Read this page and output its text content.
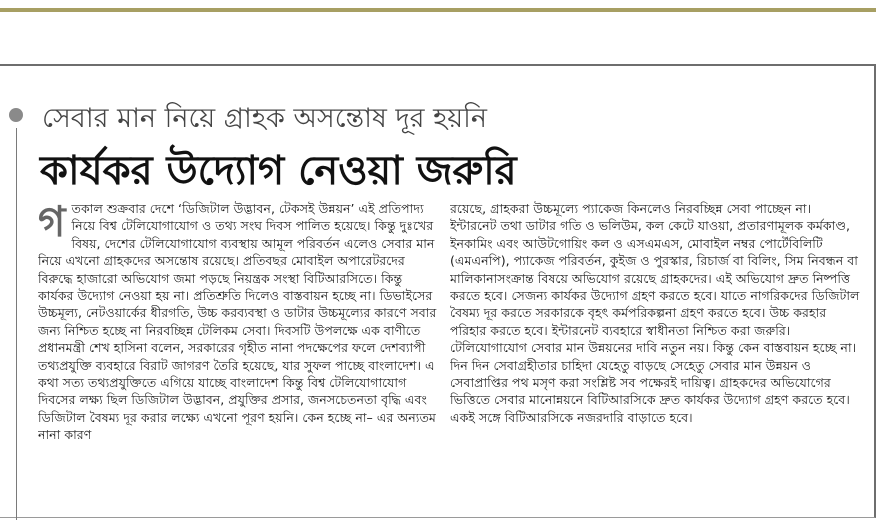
সেবার মান নিয়ে গ্রাহক অসন্তোষ দূর হয়নি
কার্যকর উদ্যোগ নেওয়া জরুরি
গ তকাল শুক্রবার দেশে ‘ডিজিটাল উদ্ভাবন, টেকসই উন্নয়ন’ এই প্রতিপাদ্য নিয়ে বিশ্ব টেলিযোগাযোগ ও তথ্য সংঘ দিবস পালিত হয়েছে। কিন্তু দুঃখের বিষয়, দেশের টেলিযোগাযোগ ব্যবস্থায় আমূল পরিবর্তন এলেও সেবার মান নিয়ে এখনো গ্রাহকদের অসন্তোষ রয়েছে। প্রতিবছর মোবাইল অপারেটরদের বিরুদ্ধে হাজারো অভিযোগ জমা পড়ছে নিয়ন্ত্রক সংস্থা বিটিআরসিতে। কিন্তু কার্যকর উদ্যোগ নেওয়া হয় না। প্রতিশ্রুতি দিলেও বাস্তবায়ন হচ্ছে না। ডিভাইসের উচ্চমূল্য, নেটওয়ার্কের ধীরগতি, উচ্চ করব্যবস্থা ও ডাটার উচ্চমূল্যের কারণে সবার জন্য নিশ্চিত হচ্ছে না নিরবচ্ছিন্ন টেলিকম সেবা। দিবসটি উপলক্ষে এক বাণীতে প্রধানমন্ত্রী শেখ হাসিনা বলেন, সরকারের গৃহীত নানা পদক্ষেপের ফলে দেশব্যাপী তথ্যপ্রযুক্তি ব্যবহারে বিরাট জাগরণ তৈরি হয়েছে, যার সুফল পাচ্ছে বাংলাদেশ। এ কথা সত্য তথ্যপ্রযুক্তিতে এগিয়ে যাচ্ছে বাংলাদেশ কিন্তু বিশ্ব টেলিযোগাযোগ দিবসের লক্ষ্য ছিল ডিজিটাল উদ্ভাবন, প্রযুক্তির প্রসার, জনসচেতনতা বৃদ্ধি এবং ডিজিটাল বৈষম্য দূর করার লক্ষ্যে এখনো পূরণ হয়নি। কেন হচ্ছে না– এর অন্যতম নানা কারণ

রয়েছে, গ্রাহকরা উচ্চমূল্যে প্যাকেজ কিনলেও নিরবচ্ছিন্ন সেবা পাচ্ছেন না। ইন্টারনেট তথা ডাটার গতি ও ভলিউম, কল কেটে যাওয়া, প্রতারণামূলক কর্মকাণ্ড, ইনকামিং এবং আউটগোয়িং কল ও এসএমএস, মোবাইল নম্বর পোর্টেবিলিটি (এমএনপি), প্যাকেজ পরিবর্তন, কুইজ ও পুরস্কার, রিচার্জ বা বিলিং, সিম নিবন্ধন বা মালিকানাসংক্রান্ত বিষয়ে অভিযোগ রয়েছে গ্রাহকদের। এই অভিযোগ দ্রুত নিষ্পত্তি করতে হবে। সেজন্য কার্যকর উদ্যোগ গ্রহণ করতে হবে। যাতে নাগরিকদের ডিজিটাল বৈষম্য দূর করতে সরকারকে বৃহৎ কর্মপরিকল্পনা গ্রহণ করতে হবে। উচ্চ করহার পরিহার করতে হবে। ইন্টারনেট ব্যবহারে স্বাধীনতা নিশ্চিত করা জরুরি। টেলিযোগাযোগ সেবার মান উন্নয়নের দাবি নতুন নয়। কিন্তু কেন বাস্তবায়ন হচ্ছে না। দিন দিন সেবাগ্রহীতার চাহিদা যেহেতু বাড়ছে সেহেতু সেবার মান উন্নয়ন ও সেবাপ্রাপ্তির পথ মসৃণ করা সংশ্লিষ্ট সব পক্ষেরই দায়িত্ব। গ্রাহকদের অভিযোগের ভিত্তিতে সেবার মানোন্নয়নে বিটিআরসিকে দ্রুত কার্যকর উদ্যোগ গ্রহণ করতে হবে। একই সঙ্গে বিটিআরসিকে নজরদারি বাড়াতে হবে।
